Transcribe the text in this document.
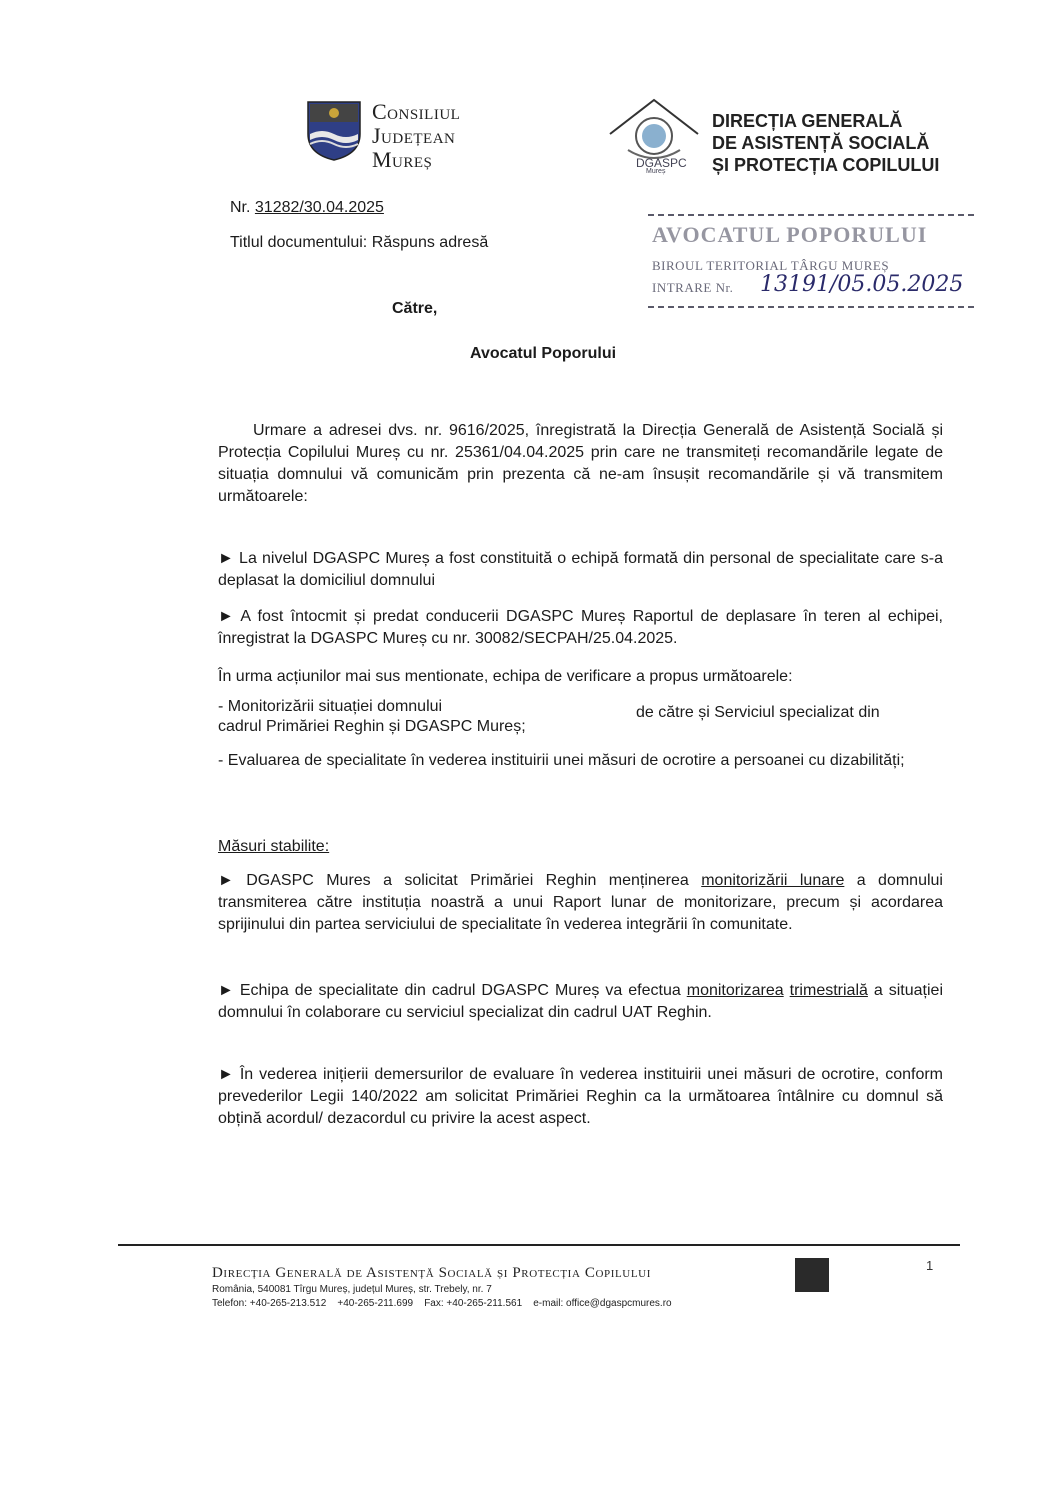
Consiliul
Județean
Mureș	DGASPC
Mureș
DIRECȚIA GENERALĂ
DE ASISTENȚĂ SOCIALĂ
ȘI PROTECȚIA COPILULUI
Nr. 31282/30.04.2025
Titlul documentului: Răspuns adresă	AVOCATUL POPORULUI
BIROUL TERITORIAL TÂRGU MUREȘ
INTRARE Nr. 13191/05.05.2025
Către,
Avocatul Poporului
Urmare a adresei dvs. nr. 9616/2025, înregistrată la Direcția Generală de Asistență Socială și Protecția Copilului Mureș cu nr. 25361/04.04.2025 prin care ne transmiteți recomandările legate de situația domnului vă comunicăm prin prezenta că ne-am însușit recomandările și vă transmitem următoarele:
► La nivelul DGASPC Mureș a fost constituită o echipă formată din personal de specialitate care s-a deplasat la domiciliul domnului
► A fost întocmit și predat conducerii DGASPC Mureș Raportul de deplasare în teren al echipei, înregistrat la DGASPC Mureș cu nr. 30082/SECPAH/25.04.2025.
În urma acțiunilor mai sus mentionate, echipa de verificare a propus următoarele:
- Monitorizării situației domnului	de către și Serviciul specializat din
cadrul Primăriei Reghin și DGASPC Mureș;
- Evaluarea de specialitate în vederea instituirii unei măsuri de ocrotire a persoanei cu dizabilități;
Măsuri stabilite:
► DGASPC Mures a solicitat Primăriei Reghin menținerea monitorizării lunare a domnului transmiterea către instituția noastră a unui Raport lunar de monitorizare, precum și acordarea sprijinului din partea serviciului de specialitate în vederea integrării în comunitate.
► Echipa de specialitate din cadrul DGASPC Mureș va efectua monitorizarea trimestrială a situației domnului în colaborare cu serviciul specializat din cadrul UAT Reghin.
► În vederea inițierii demersurilor de evaluare în vederea instituirii unei măsuri de ocrotire, conform prevederilor Legii 140/2022 am solicitat Primăriei Reghin ca la următoarea întâlnire cu domnul să obțină acordul/ dezacordul cu privire la acest aspect.
Direcția Generală de Asistență Socială și Protecția Copilului
România, 540081 Tîrgu Mureș, județul Mureș, str. Trebely, nr. 7
Telefon: +40-265-213.512    +40-265-211.699    Fax: +40-265-211.561    e-mail: office@dgaspcmures.ro
1
